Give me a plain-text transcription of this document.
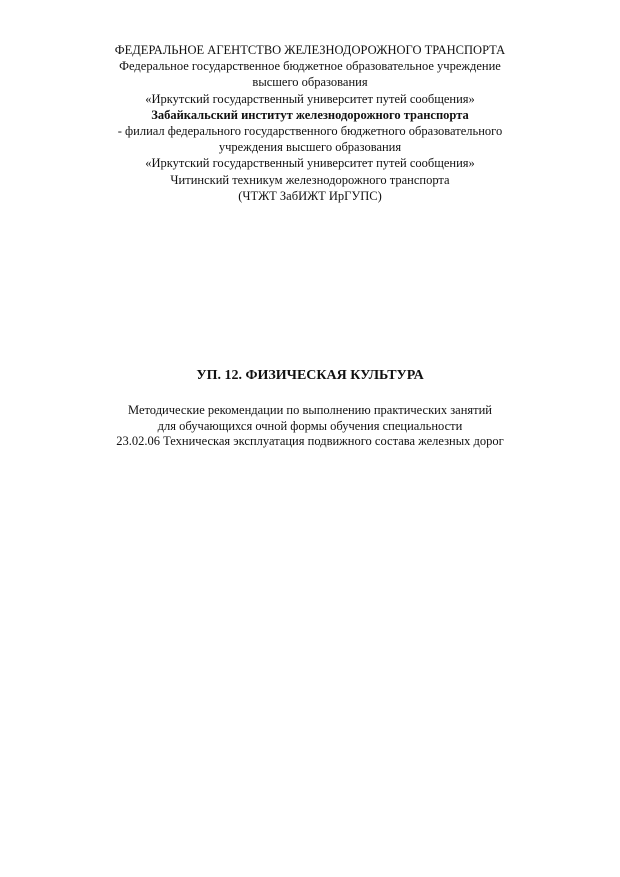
ФЕДЕРАЛЬНОЕ АГЕНТСТВО ЖЕЛЕЗНОДОРОЖНОГО ТРАНСПОРТА
Федеральное государственное бюджетное образовательное учреждение
высшего образования
«Иркутский государственный университет путей сообщения»
Забайкальский институт железнодорожного транспорта
- филиал федерального государственного бюджетного образовательного
учреждения высшего образования
«Иркутский государственный университет путей сообщения»
Читинский техникум железнодорожного транспорта
(ЧТЖТ ЗабИЖТ ИрГУПС)
УП. 12. ФИЗИЧЕСКАЯ КУЛЬТУРА
Методические рекомендации по выполнению практических занятий
для обучающихся очной формы обучения специальности
23.02.06 Техническая эксплуатация подвижного состава железных дорог
